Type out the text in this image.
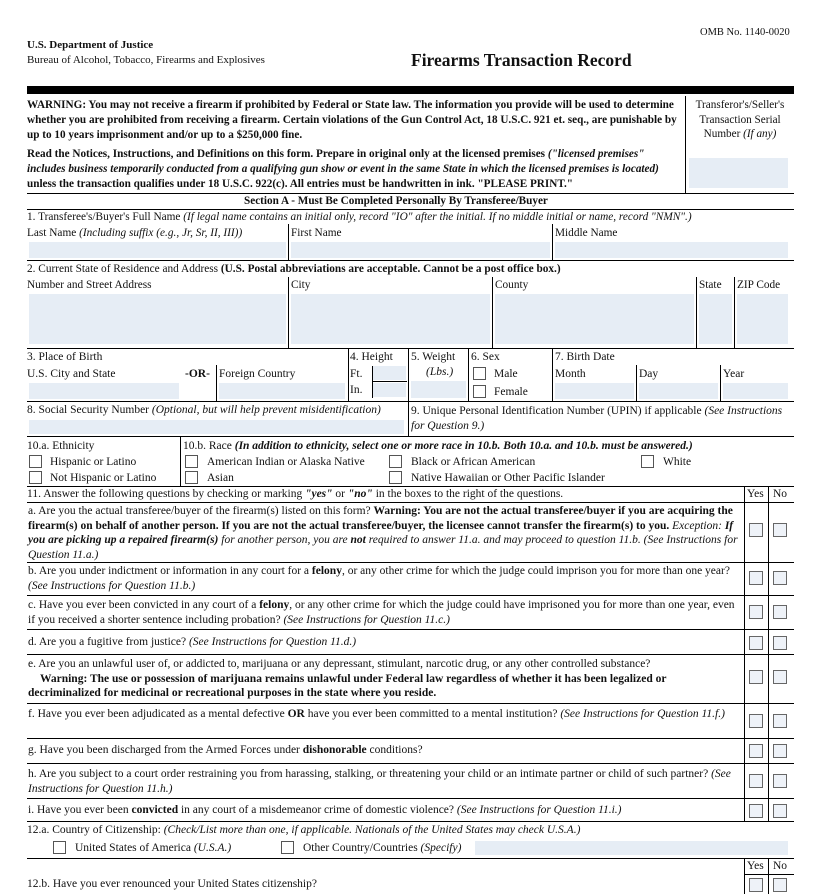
OMB No. 1140-0020
U.S. Department of Justice
Bureau of Alcohol, Tobacco, Firearms and Explosives	Firearms Transaction Record
WARNING: You may not receive a firearm if prohibited by Federal or State law. The information you provide will be used to determine whether you are prohibited from receiving a firearm. Certain violations of the Gun Control Act, 18 U.S.C. 921 et. seq., are punishable by up to 10 years imprisonment and/or up to a $250,000 fine.
Read the Notices, Instructions, and Definitions on this form. Prepare in original only at the licensed premises ("licensed premises" includes business temporarily conducted from a qualifying gun show or event in the same State in which the licensed premises is located) unless the transaction qualifies under 18 U.S.C. 922(c). All entries must be handwritten in ink. "PLEASE PRINT."
Transferor's/Seller's Transaction Serial Number (If any)
Section A - Must Be Completed Personally By Transferee/Buyer
1. Transferee's/Buyer's Full Name (If legal name contains an initial only, record "IO" after the initial. If no middle initial or name, record "NMN".)
Last Name (Including suffix (e.g., Jr, Sr, II, III))	First Name	Middle Name
2. Current State of Residence and Address (U.S. Postal abbreviations are acceptable. Cannot be a post office box.)
Number and Street Address	City	County	State ZIP Code
3. Place of Birth
U.S. City and State	-OR- Foreign Country
4. Height
Ft.
In.
5. Weight
(Lbs.)
6. Sex
Male
Female
7. Birth Date
Month	Day	Year
8. Social Security Number (Optional, but will help prevent misidentification)	9. Unique Personal Identification Number (UPIN) if applicable (See Instructions for Question 9.)
10.a. Ethnicity
Hispanic or Latino
Not Hispanic or Latino
10.b. Race (In addition to ethnicity, select one or more race in 10.b. Both 10.a. and 10.b. must be answered.)
American Indian or Alaska Native	Black or African American	White
Asian	Native Hawaiian or Other Pacific Islander
11. Answer the following questions by checking or marking "yes" or "no" in the boxes to the right of the questions.	Yes No
a. Are you the actual transferee/buyer of the firearm(s) listed on this form? Warning: You are not the actual transferee/buyer if you are acquiring the firearm(s) on behalf of another person. If you are not the actual transferee/buyer, the licensee cannot transfer the firearm(s) to you. Exception: If you are picking up a repaired firearm(s) for another person, you are not required to answer 11.a. and may proceed to question 11.b. (See Instructions for Question 11.a.)
b. Are you under indictment or information in any court for a felony, or any other crime for which the judge could imprison you for more than one year? (See Instructions for Question 11.b.)
c. Have you ever been convicted in any court of a felony, or any other crime for which the judge could have imprisoned you for more than one year, even if you received a shorter sentence including probation? (See Instructions for Question 11.c.)
d. Are you a fugitive from justice? (See Instructions for Question 11.d.)
e. Are you an unlawful user of, or addicted to, marijuana or any depressant, stimulant, narcotic drug, or any other controlled substance?
Warning: The use or possession of marijuana remains unlawful under Federal law regardless of whether it has been legalized or decriminalized for medicinal or recreational purposes in the state where you reside.
f. Have you ever been adjudicated as a mental defective OR have you ever been committed to a mental institution? (See Instructions for Question 11.f.)
g. Have you been discharged from the Armed Forces under dishonorable conditions?
h. Are you subject to a court order restraining you from harassing, stalking, or threatening your child or an intimate partner or child of such partner? (See Instructions for Question 11.h.)
i. Have you ever been convicted in any court of a misdemeanor crime of domestic violence? (See Instructions for Question 11.i.)
12.a. Country of Citizenship: (Check/List more than one, if applicable. Nationals of the United States may check U.S.A.)
United States of America (U.S.A.)	Other Country/Countries (Specify)
Yes No
12.b. Have you ever renounced your United States citizenship?
